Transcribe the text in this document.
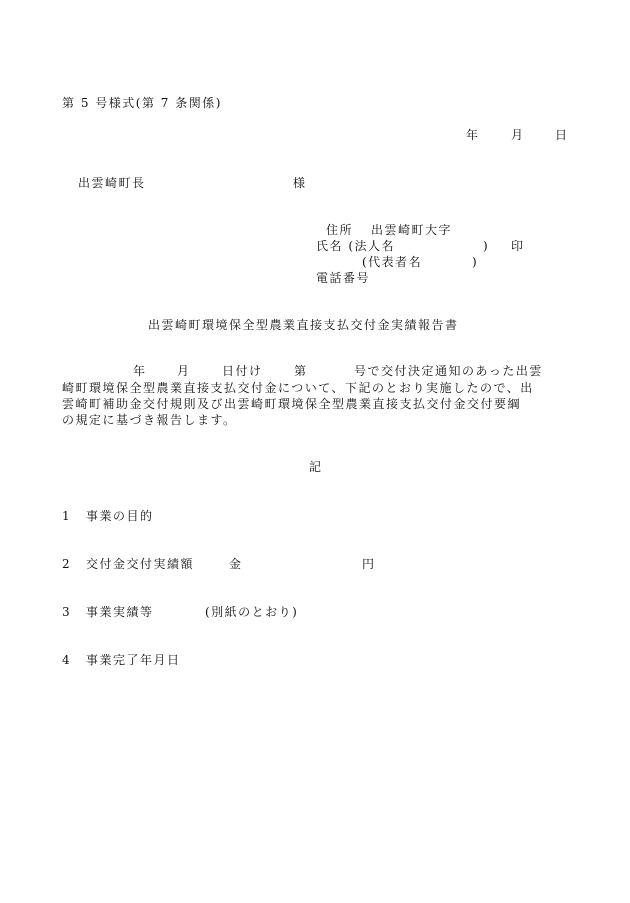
第 5 号様式(第 7 条関係)
年	月	日
出雲崎町長	様
住所 出雲崎町大字
氏名 (法人名	) 印
(代表者名	)
電話番号
出雲崎町環境保全型農業直接支払交付金実績報告書
年	月	日付け	第	号で交付決定通知のあった出雲
崎町環境保全型農業直接支払交付金について、下記のとおり実施したので、出
雲崎町補助金交付規則及び出雲崎町環境保全型農業直接支払交付金交付要綱
の規定に基づき報告します。
記
1 事業の目的
2 交付金交付実績額	金	円
3 事業実績等	(別紙のとおり)
4 事業完了年月日
